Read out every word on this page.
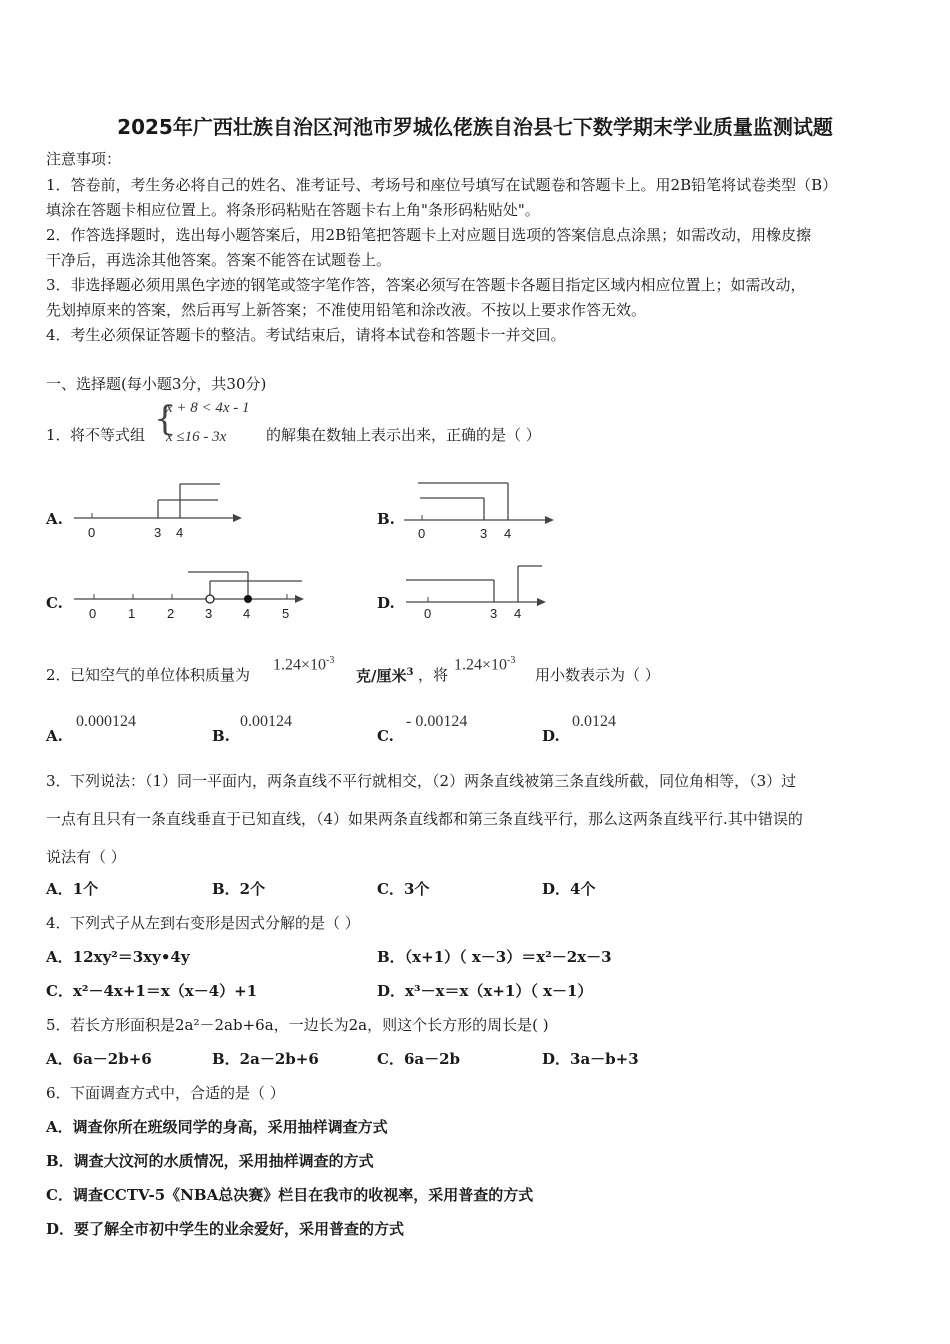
2025年广西壮族自治区河池市罗城仫佬族自治县七下数学期末学业质量监测试题
注意事项：
1．答卷前，考生务必将自己的姓名、准考证号、考场号和座位号填写在试题卷和答题卡上。用2B铅笔将试卷类型（B）
填涂在答题卡相应位置上。将条形码粘贴在答题卡右上角"条形码粘贴处"。
2．作答选择题时，选出每小题答案后，用2B铅笔把答题卡上对应题目选项的答案信息点涂黑；如需改动，用橡皮擦
干净后，再选涂其他答案。答案不能答在试题卷上。
3．非选择题必须用黑色字迹的钢笔或签字笔作答，答案必须写在答题卡各题目指定区域内相应位置上；如需改动，
先划掉原来的答案，然后再写上新答案；不准使用铅笔和涂改液。不按以上要求作答无效。
4．考生必须保证答题卡的整洁。考试结束后，请将本试卷和答题卡一并交回。
一、选择题(每小题3分，共30分)
1． 将不等式组 {
x + 8 < 4x - 1
x ≤16 - 3x	的解集在数轴上表示出来，正确的是（ ）
A.	B.
C.	D.
0	3 4	0	3 4
0 1 2 3 4 5	0	3 4
2． 已知空气的单位体积质量为
$1.24\times 10^{-3}$
克/厘米$^3$ ，将
$1.24\times 10^{-3}$
用小数表示为（ ）
A.
0.000124
B.
0.00124
C.
- 0.00124
D.
0.0124
3． 下列说法：（1）同一平面内，两条直线不平行就相交，（2）两条直线被第三条直线所截，同位角相等，（3）过
一点有且只有一条直线垂直于已知直线，（4）如果两条直线都和第三条直线平行，那么这两条直线平行.其中错误的
说法有（ ）
A．1个	B．2个	C．3个	D．4个
4． 下列式子从左到右变形是因式分解的是（ ）
A．12xy²＝3xy•4y	B．（x+1）（ x－3）＝x²－2x－3
C．x²－4x+1＝x（x－4）+1	D．x³－x＝x（x+1）（ x－1）
5． 若长方形面积是2a²－2ab+6a，一边长为2a，则这个长方形的周长是( )
A．6a－2b+6	B．2a－2b+6	C．6a－2b	D．3a－b+3
6． 下面调查方式中，合适的是（ ）
A．调查你所在班级同学的身高，采用抽样调查方式
B．调查大汶河的水质情况，采用抽样调查的方式
C．调查CCTV-5《NBA总决赛》栏目在我市的收视率，采用普查的方式
D．要了解全市初中学生的业余爱好，采用普查的方式
